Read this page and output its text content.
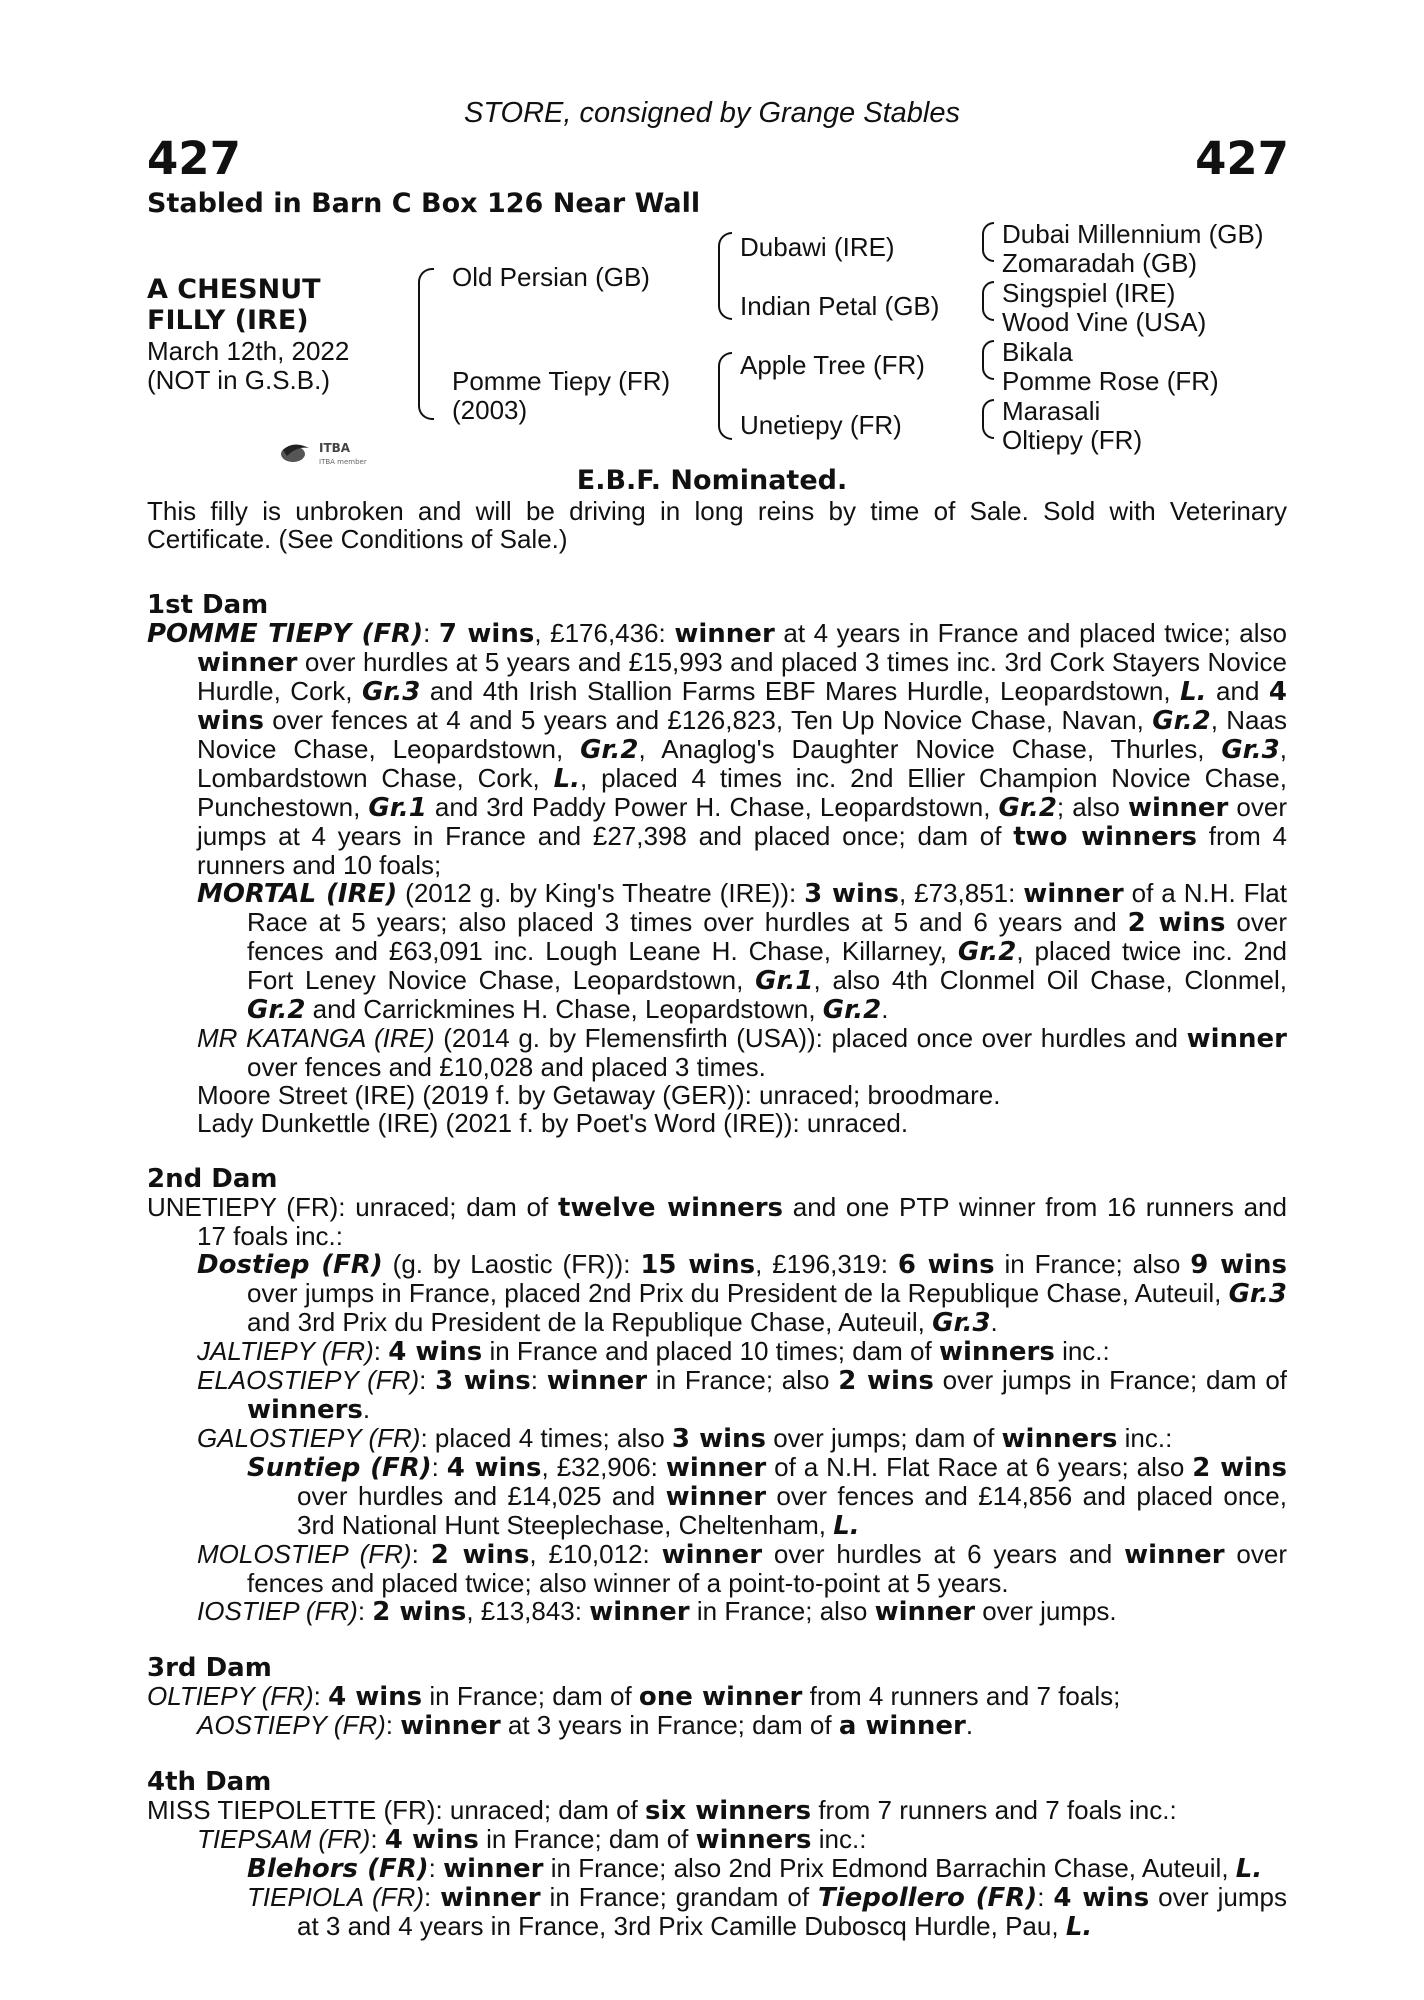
STORE, consigned by Grange Stables
427	427
Stabled in Barn C Box 126 Near Wall
A CHESNUT
FILLY (IRE)
March 12th, 2022
(NOT in G.S.B.)
Old Persian (GB)
Pomme Tiepy (FR)
(2003)
Dubawi (IRE)
Indian Petal (GB)
Apple Tree (FR)
Unetiepy (FR)
Dubai Millennium (GB)
Zomaradah (GB)
Singspiel (IRE)
Wood Vine (USA)
Bikala
Pomme Rose (FR)
Marasali
Oltiepy (FR)
ITBA
ITBA member
E.B.F. Nominated.
This filly is unbroken and will be driving in long reins by time of Sale. Sold with Veterinary Certificate. (See Conditions of Sale.)
1st Dam
POMME TIEPY (FR): 7 wins, £176,436: winner at 4 years in France and placed twice; also winner over hurdles at 5 years and £15,993 and placed 3 times inc. 3rd Cork Stayers Novice Hurdle, Cork, Gr.3 and 4th Irish Stallion Farms EBF Mares Hurdle, Leopardstown, L. and 4 wins over fences at 4 and 5 years and £126,823, Ten Up Novice Chase, Navan, Gr.2, Naas Novice Chase, Leopardstown, Gr.2, Anaglog's Daughter Novice Chase, Thurles, Gr.3, Lombardstown Chase, Cork, L., placed 4 times inc. 2nd Ellier Champion Novice Chase, Punchestown, Gr.1 and 3rd Paddy Power H. Chase, Leopardstown, Gr.2; also winner over jumps at 4 years in France and £27,398 and placed once; dam of two winners from 4 runners and 10 foals;
MORTAL (IRE) (2012 g. by King's Theatre (IRE)): 3 wins, £73,851: winner of a N.H. Flat Race at 5 years; also placed 3 times over hurdles at 5 and 6 years and 2 wins over fences and £63,091 inc. Lough Leane H. Chase, Killarney, Gr.2, placed twice inc. 2nd Fort Leney Novice Chase, Leopardstown, Gr.1, also 4th Clonmel Oil Chase, Clonmel, Gr.2 and Carrickmines H. Chase, Leopardstown, Gr.2.
MR KATANGA (IRE) (2014 g. by Flemensfirth (USA)): placed once over hurdles and winner over fences and £10,028 and placed 3 times.
Moore Street (IRE) (2019 f. by Getaway (GER)): unraced; broodmare.
Lady Dunkettle (IRE) (2021 f. by Poet's Word (IRE)): unraced.
2nd Dam
UNETIEPY (FR): unraced; dam of twelve winners and one PTP winner from 16 runners and 17 foals inc.:
Dostiep (FR) (g. by Laostic (FR)): 15 wins, £196,319: 6 wins in France; also 9 wins over jumps in France, placed 2nd Prix du President de la Republique Chase, Auteuil, Gr.3 and 3rd Prix du President de la Republique Chase, Auteuil, Gr.3.
JALTIEPY (FR): 4 wins in France and placed 10 times; dam of winners inc.:
ELAOSTIEPY (FR): 3 wins: winner in France; also 2 wins over jumps in France; dam of winners.
GALOSTIEPY (FR): placed 4 times; also 3 wins over jumps; dam of winners inc.:
Suntiep (FR): 4 wins, £32,906: winner of a N.H. Flat Race at 6 years; also 2 wins over hurdles and £14,025 and winner over fences and £14,856 and placed once, 3rd National Hunt Steeplechase, Cheltenham, L.
MOLOSTIEP (FR): 2 wins, £10,012: winner over hurdles at 6 years and winner over fences and placed twice; also winner of a point-to-point at 5 years.
IOSTIEP (FR): 2 wins, £13,843: winner in France; also winner over jumps.
3rd Dam
OLTIEPY (FR): 4 wins in France; dam of one winner from 4 runners and 7 foals;
AOSTIEPY (FR): winner at 3 years in France; dam of a winner.
4th Dam
MISS TIEPOLETTE (FR): unraced; dam of six winners from 7 runners and 7 foals inc.:
TIEPSAM (FR): 4 wins in France; dam of winners inc.:
Blehors (FR): winner in France; also 2nd Prix Edmond Barrachin Chase, Auteuil, L.
TIEPIOLA (FR): winner in France; grandam of Tiepollero (FR): 4 wins over jumps at 3 and 4 years in France, 3rd Prix Camille Duboscq Hurdle, Pau, L.
